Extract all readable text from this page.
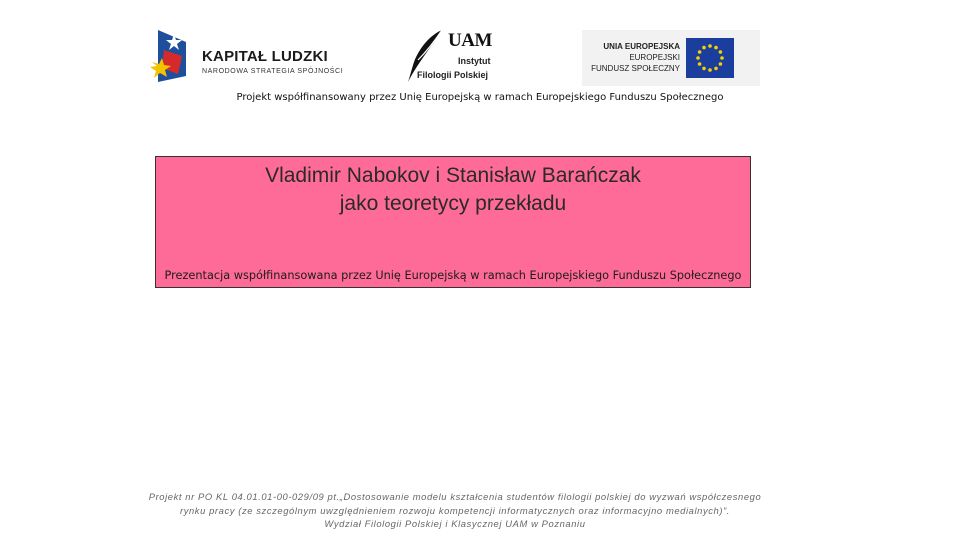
KAPITAŁ LUDZKI
NARODOWA STRATEGIA SPÓJNOŚCI
UAM
Instytut
Filologii Polskiej
UNIA EUROPEJSKA
EUROPEJSKI
FUNDUSZ SPOŁECZNY
Projekt współfinansowany przez Unię Europejską w ramach Europejskiego Funduszu Społecznego
Vladimir Nabokov i Stanisław Barańczak
jako teoretycy przekładu
Prezentacja współfinansowana przez Unię Europejską w ramach Europejskiego Funduszu Społecznego
Projekt nr PO KL 04.01.01-00-029/09 pt.„Dostosowanie modelu kształcenia studentów filologii polskiej do wyzwań współczesnego
rynku pracy (ze szczególnym uwzględnieniem rozwoju kompetencji informatycznych oraz informacyjno medialnych)”.
Wydział Filologii Polskiej i Klasycznej UAM w Poznaniu
